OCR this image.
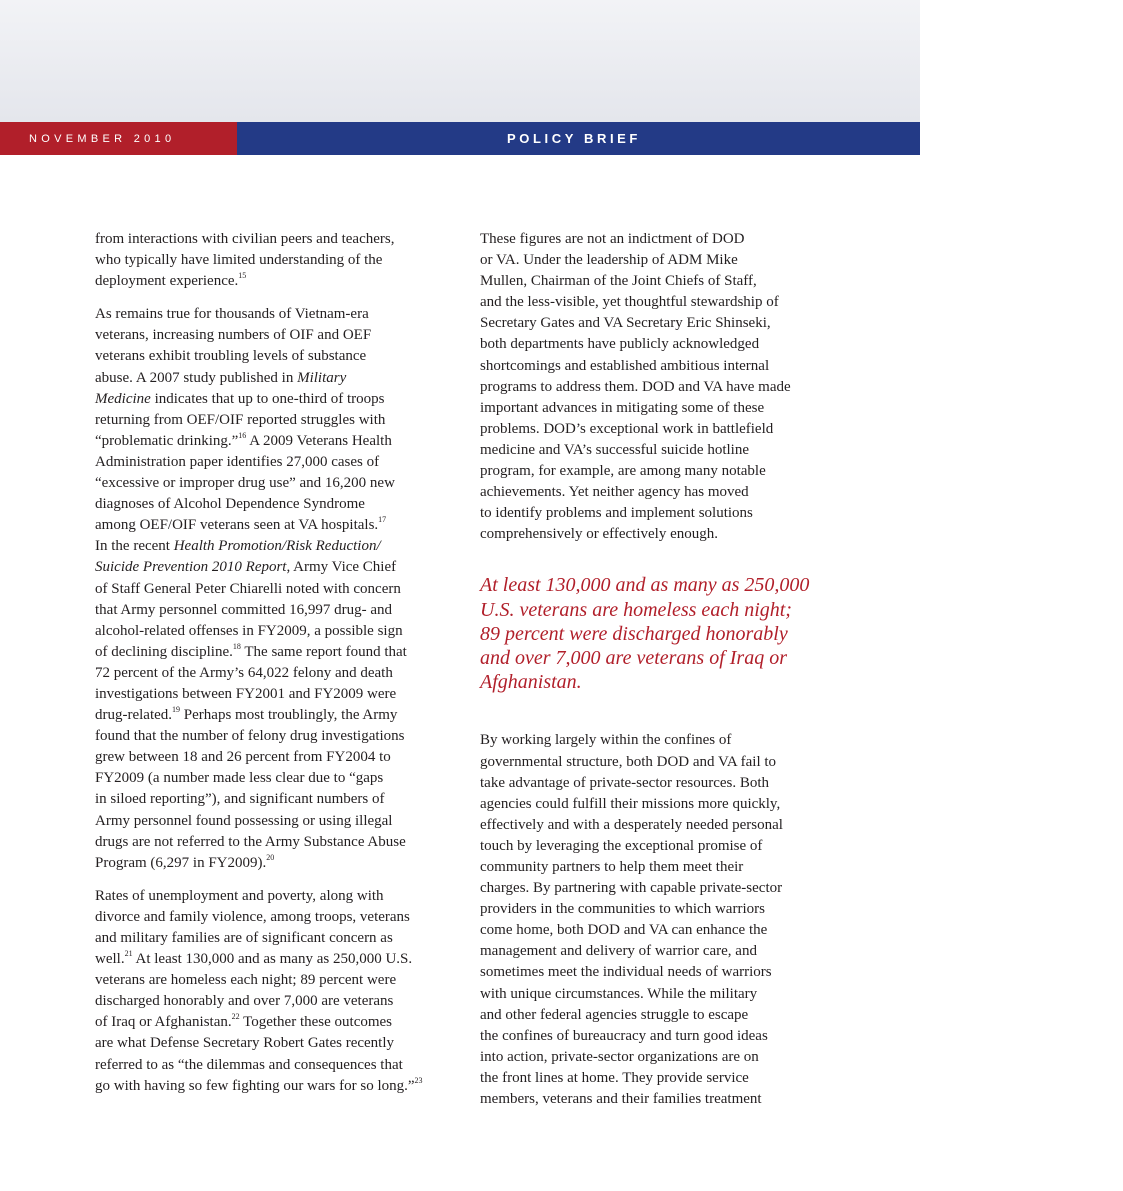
NOVEMBER 2010	POLICY BRIEF	CNAS.ORG	3

from interactions with civilian peers and teachers,
who typically have limited understanding of the
deployment experience.$^{15}$

As remains true for thousands of Vietnam-era
veterans, increasing numbers of OIF and OEF
veterans exhibit troubling levels of substance
abuse. A 2007 study published in Military
Medicine indicates that up to one-third of troops
returning from OEF/OIF reported struggles with
“problematic drinking.”$^{16}$ A 2009 Veterans Health
Administration paper identifies 27,000 cases of
“excessive or improper drug use” and 16,200 new
diagnoses of Alcohol Dependence Syndrome
among OEF/OIF veterans seen at VA hospitals.$^{17}$
In the recent Health Promotion/Risk Reduction/
Suicide Prevention 2010 Report, Army Vice Chief
of Staff General Peter Chiarelli noted with concern
that Army personnel committed 16,997 drug- and
alcohol-related offenses in FY2009, a possible sign
of declining discipline.$^{18}$ The same report found that
72 percent of the Army’s 64,022 felony and death
investigations between FY2001 and FY2009 were
drug-related.$^{19}$ Perhaps most troublingly, the Army
found that the number of felony drug investigations
grew between 18 and 26 percent from FY2004 to
FY2009 (a number made less clear due to “gaps
in siloed reporting”), and significant numbers of
Army personnel found possessing or using illegal
drugs are not referred to the Army Substance Abuse
Program (6,297 in FY2009).$^{20}$

Rates of unemployment and poverty, along with
divorce and family violence, among troops, veterans
and military families are of significant concern as
well.$^{21}$ At least 130,000 and as many as 250,000 U.S.
veterans are homeless each night; 89 percent were
discharged honorably and over 7,000 are veterans
of Iraq or Afghanistan.$^{22}$ Together these outcomes
are what Defense Secretary Robert Gates recently
referred to as “the dilemmas and consequences that
go with having so few fighting our wars for so long.”$^{23}$

These figures are not an indictment of DOD
or VA. Under the leadership of ADM Mike
Mullen, Chairman of the Joint Chiefs of Staff,
and the less-visible, yet thoughtful stewardship of
Secretary Gates and VA Secretary Eric Shinseki,
both departments have publicly acknowledged
shortcomings and established ambitious internal
programs to address them. DOD and VA have made
important advances in mitigating some of these
problems. DOD’s exceptional work in battlefield
medicine and VA’s successful suicide hotline
program, for example, are among many notable
achievements. Yet neither agency has moved
to identify problems and implement solutions
comprehensively or effectively enough.

At least 130,000 and as many as 250,000
U.S. veterans are homeless each night;
89 percent were discharged honorably
and over 7,000 are veterans of Iraq or
Afghanistan.

By working largely within the confines of
governmental structure, both DOD and VA fail to
take advantage of private-sector resources. Both
agencies could fulfill their missions more quickly,
effectively and with a desperately needed personal
touch by leveraging the exceptional promise of
community partners to help them meet their
charges. By partnering with capable private-sector
providers in the communities to which warriors
come home, both DOD and VA can enhance the
management and delivery of warrior care, and
sometimes meet the individual needs of warriors
with unique circumstances. While the military
and other federal agencies struggle to escape
the confines of bureaucracy and turn good ideas
into action, private-sector organizations are on
the front lines at home. They provide service
members, veterans and their families treatment
